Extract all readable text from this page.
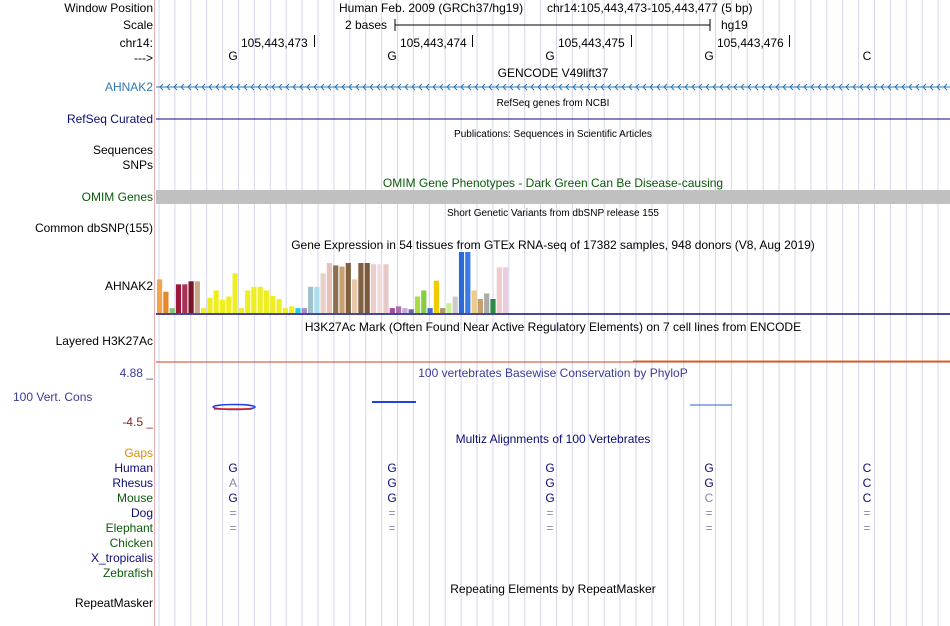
Window Position	Human Feb. 2009 (GRCh37/hg19) chr14:105,443,473-105,443,477 (5 bp)
Scale	2 bases	hg19
chr14:	105,443,473	105,443,474	105,443,475	105,443,476
--->	G	G	G	G	C
GENCODE V49lift37
AHNAK2
RefSeq genes from NCBI
RefSeq Curated
Publications: Sequences in Scientific Articles
Sequences
SNPs
OMIM Gene Phenotypes - Dark Green Can Be Disease-causing
OMIM Genes
Short Genetic Variants from dbSNP release 155
Common dbSNP(155)
Gene Expression in 54 tissues from GTEx RNA-seq of 17382 samples, 948 donors (V8, Aug 2019)
AHNAK2
H3K27Ac Mark (Often Found Near Active Regulatory Elements) on 7 cell lines from ENCODE
Layered H3K27Ac
4.88 _	100 vertebrates Basewise Conservation by PhyloP
100 Vert. Cons
-4.5 _
Multiz Alignments of 100 Vertebrates
Gaps
Human	G	G	G	G	C
Rhesus	A	G	G	G	C
Mouse	G	G	G	C	C
Dog	=	=	=	=	=
Elephant	=	=	=	=	=
Chicken
X_tropicalis
Zebrafish
Repeating Elements by RepeatMasker
RepeatMasker
